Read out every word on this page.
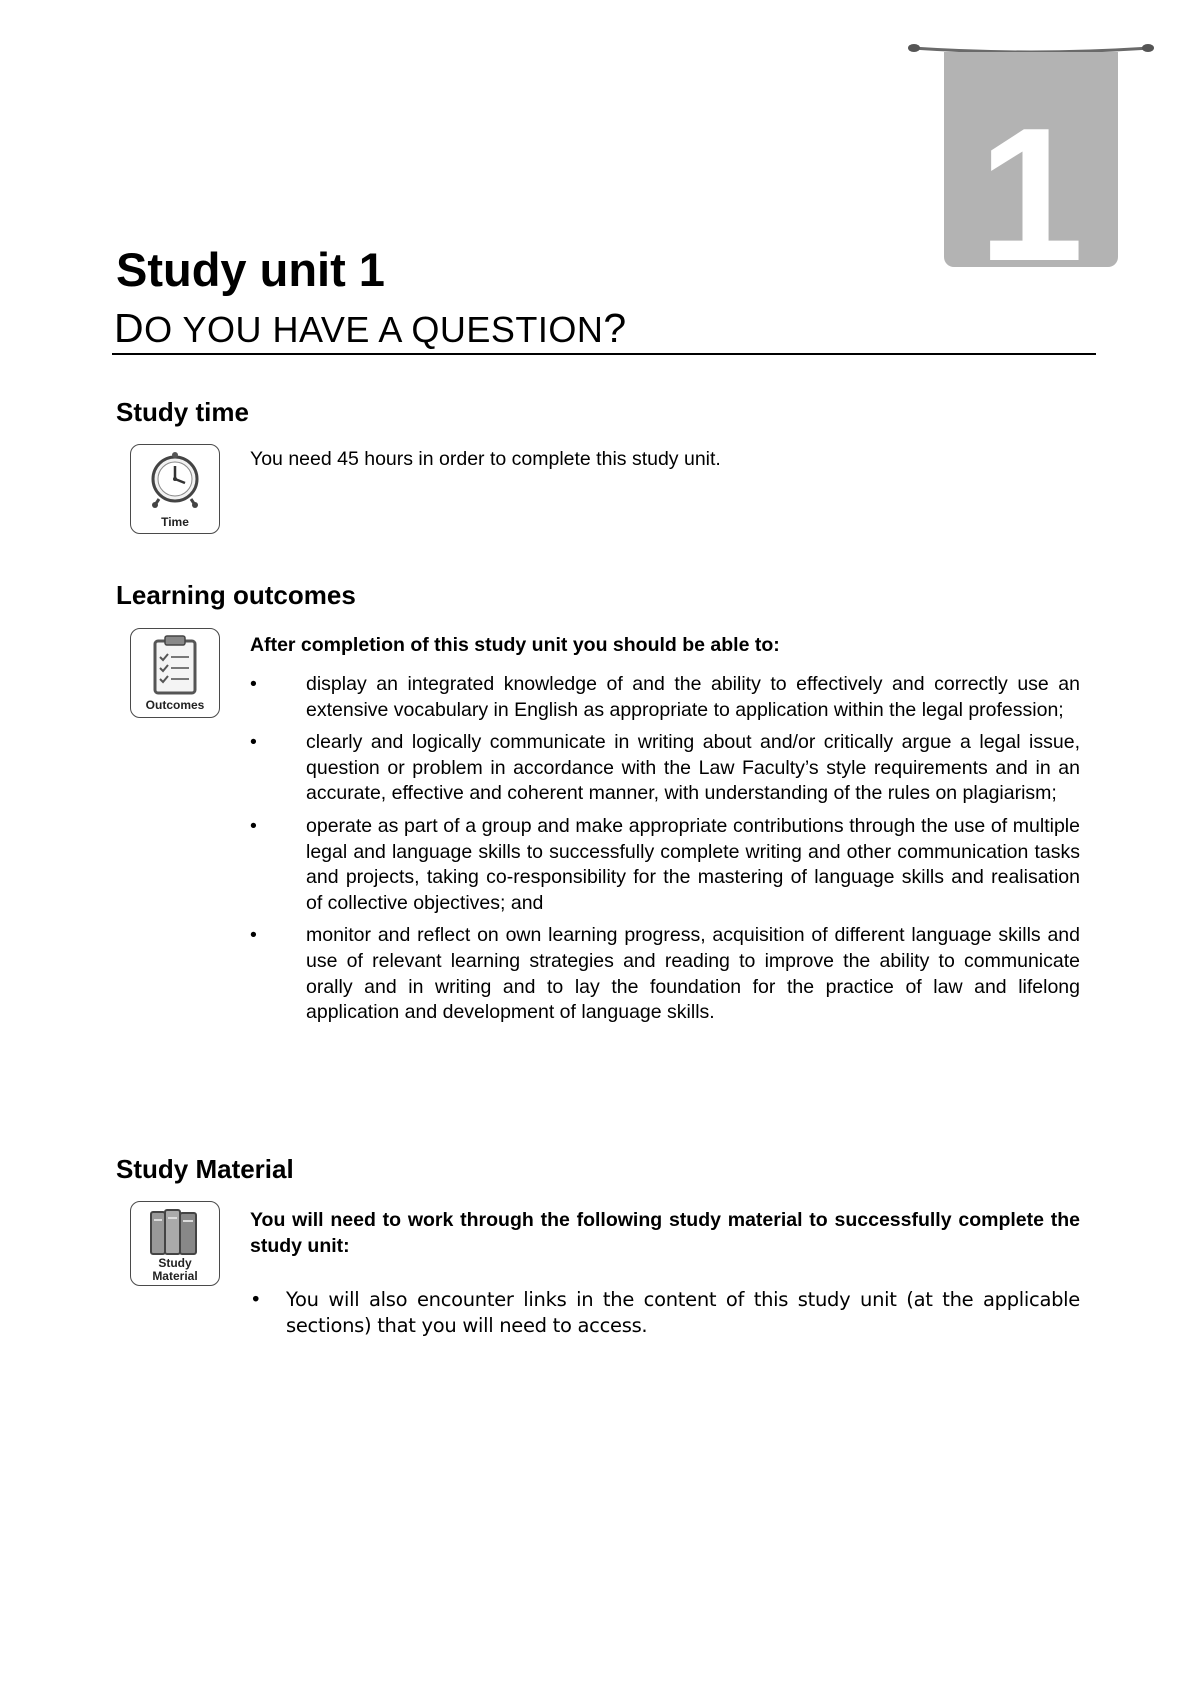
1
Study unit 1
DO YOU HAVE A QUESTION?
Study time
Time

You need 45 hours in order to complete this study unit.

Learning outcomes
Outcomes

After completion of this study unit you should be able to:

• display an integrated knowledge of and the ability to effectively and correctly use an extensive vocabulary in English as appropriate to application within the legal profession;
• clearly and logically communicate in writing about and/or critically argue a legal issue, question or problem in accordance with the Law Faculty’s style requirements and in an accurate, effective and coherent manner, with understanding of the rules on plagiarism;
• operate as part of a group and make appropriate contributions through the use of multiple legal and language skills to successfully complete writing and other communication tasks and projects, taking co-responsibility for the mastering of language skills and realisation of collective objectives; and
• monitor and reflect on own learning progress, acquisition of different language skills and use of relevant learning strategies and reading to improve the ability to communicate orally and in writing and to lay the foundation for the practice of law and lifelong application and development of language skills.
Study Material
Study
Material

You will need to work through the following study material to successfully complete the study unit:

• You will also encounter links in the content of this study unit (at the applicable sections) that you will need to access.
